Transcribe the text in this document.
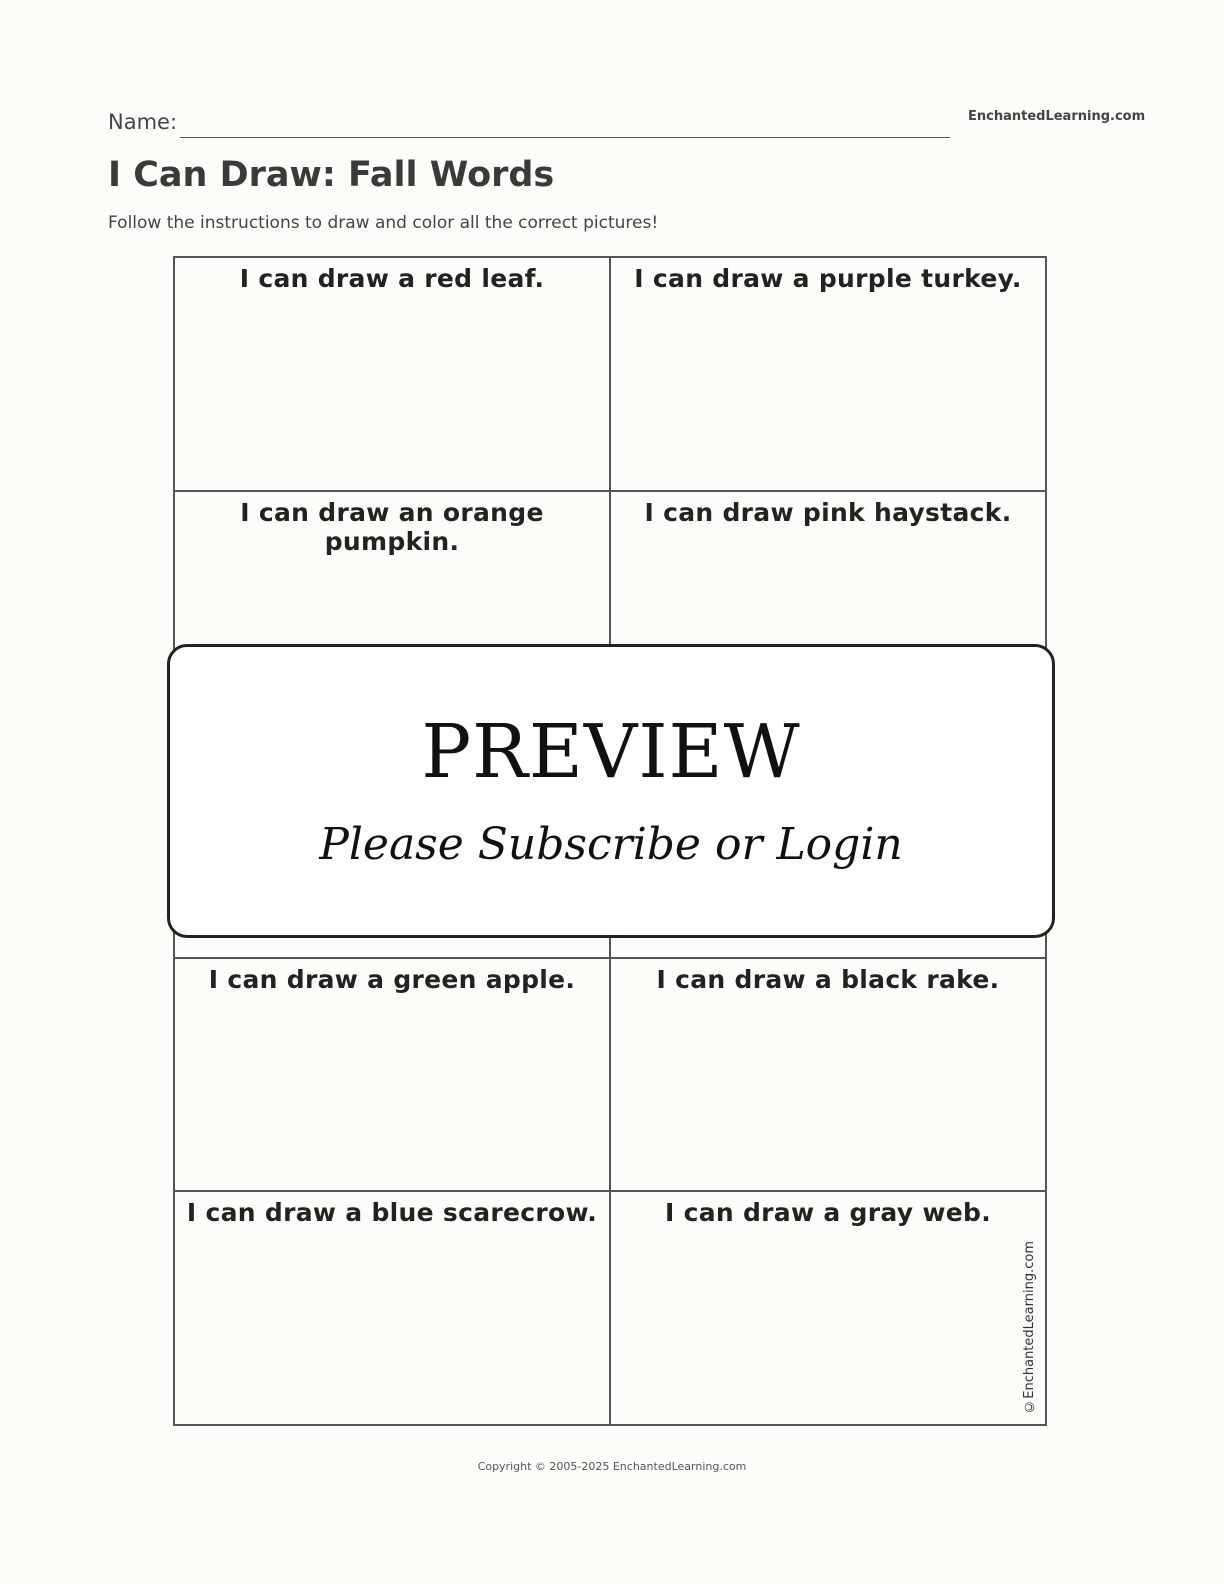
Name:	EnchantedLearning.com
I Can Draw: Fall Words
Follow the instructions to draw and color all the correct pictures!
I can draw a red leaf.	I can draw a purple turkey.
I can draw an orange pumpkin.
I can draw pink haystack.
I can draw a green apple.	I can draw a black rake.
I can draw a blue scarecrow.	I can draw a gray web.
©EnchantedLearning.com
PREVIEW
Please Subscribe or Login
Copyright © 2005-2025 EnchantedLearning.com
